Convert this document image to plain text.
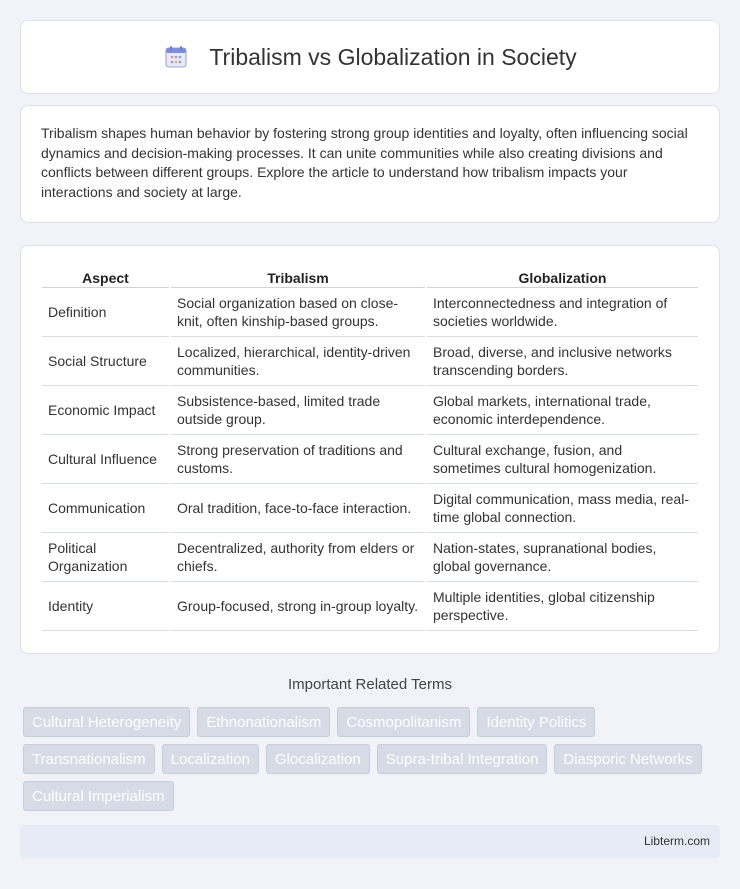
Tribalism vs Globalization in Society

Tribalism shapes human behavior by fostering strong group identities and loyalty, often influencing social dynamics and decision-making processes. It can unite communities while also creating divisions and conflicts between different groups. Explore the article to understand how tribalism impacts your interactions and society at large.

Aspect	Tribalism	Globalization
Definition	Social organization based on close-knit, often kinship-based groups.	Interconnectedness and integration of societies worldwide.
Social Structure	Localized, hierarchical, identity-driven communities.	Broad, diverse, and inclusive networks transcending borders.
Economic Impact	Subsistence-based, limited trade outside group.	Global markets, international trade, economic interdependence.
Cultural Influence	Strong preservation of traditions and customs.	Cultural exchange, fusion, and sometimes cultural homogenization.
Communication	Oral tradition, face-to-face interaction.	Digital communication, mass media, real-time global connection.
Political Organization	Decentralized, authority from elders or chiefs.	Nation-states, supranational bodies, global governance.
Identity	Group-focused, strong in-group loyalty.	Multiple identities, global citizenship perspective.
Important Related Terms
Cultural Heterogeneity	Ethnonationalism	Cosmopolitanism	Identity Politics
Transnationalism	Localization	Glocalization	Supra-tribal Integration	Diasporic Networks
Cultural Imperialism
Libterm.com
